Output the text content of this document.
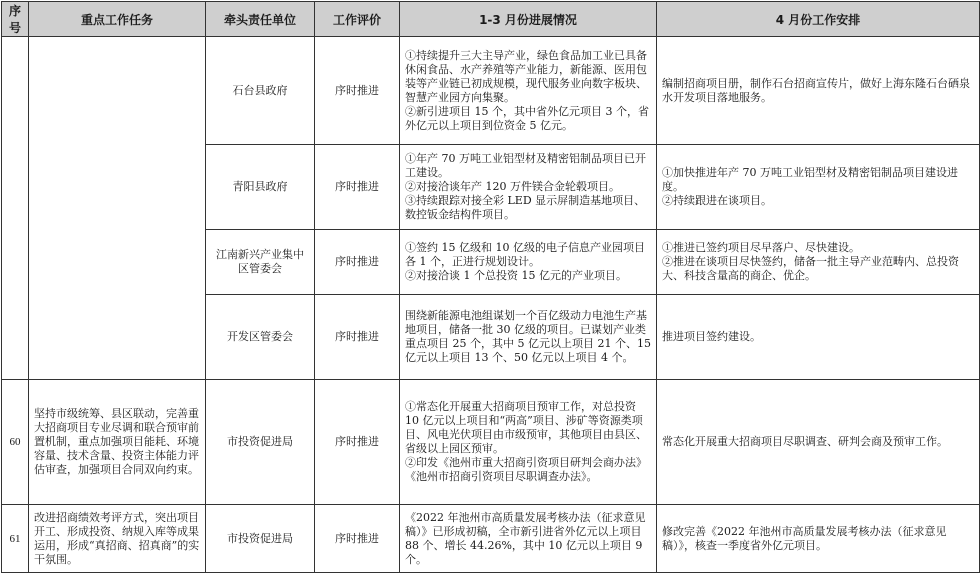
序号	重点工作任务	牵头责任单位	工作评价	1-3 月份进展情况	4 月份工作安排
		石台县政府	序时推进	①持续提升三大主导产业，绿色食品加工业已具备休闲食品、水产养殖等产业能力，新能源、医用包装等产业链已初成规模，现代服务业向数字板块、智慧产业园方向集聚。
②新引进项目 15 个，其中省外亿元项目 3 个，省外亿元以上项目到位资金 5 亿元。	编制招商项目册，制作石台招商宣传片，做好上海东隆石台硒泉水开发项目落地服务。

		青阳县政府	序时推进	①年产 70 万吨工业铝型材及精密铝制品项目已开工建设。
②对接洽谈年产 120 万件镁合金轮毂项目。
③持续跟踪对接全彩 LED 显示屏制造基地项目、数控钣金结构件项目。	①加快推进年产 70 万吨工业铝型材及精密铝制品项目建设进度。
②持续跟进在谈项目。

		江南新兴产业集中区管委会	序时推进	①签约 15 亿级和 10 亿级的电子信息产业园项目各 1 个，正进行规划设计。
②对接洽谈 1 个总投资 15 亿元的产业项目。	①推进已签约项目尽早落户、尽快建设。
②推进在谈项目尽快签约，储备一批主导产业范畴内、总投资大、科技含量高的商企、优企。

		开发区管委会	序时推进	围绕新能源电池组谋划一个百亿级动力电池生产基地项目，储备一批 30 亿级的项目。已谋划产业类重点项目 25 个，其中 5 亿元以上项目 21 个、15 亿元以上项目 13 个、50 亿元以上项目 4 个。	推进项目签约建设。

60	坚持市级统筹、县区联动，完善重大招商项目专业尽调和联合预审前置机制，重点加强项目能耗、环境容量、技术含量、投资主体能力评估审查，加强项目合同双向约束。	市投资促进局	序时推进	①常态化开展重大招商项目预审工作，对总投资 10 亿元以上项目和“两高”项目、涉矿等资源类项目、风电光伏项目由市级预审，其他项目由县区、省级以上园区预审。
②印发《池州市重大招商引资项目研判会商办法》《池州市招商引资项目尽职调查办法》。	常态化开展重大招商项目尽职调查、研判会商及预审工作。

61	改进招商绩效考评方式，突出项目开工、形成投资、纳规入库等成果运用，形成“真招商、招真商”的实干氛围。	市投资促进局	序时推进	《2022 年池州市高质量发展考核办法（征求意见稿）》已形成初稿，全市新引进省外亿元以上项目 88 个、增长 44.26%，其中 10 亿元以上项目 9 个。	修改完善《2022 年池州市高质量发展考核办法（征求意见稿）》，核查一季度省外亿元项目。
